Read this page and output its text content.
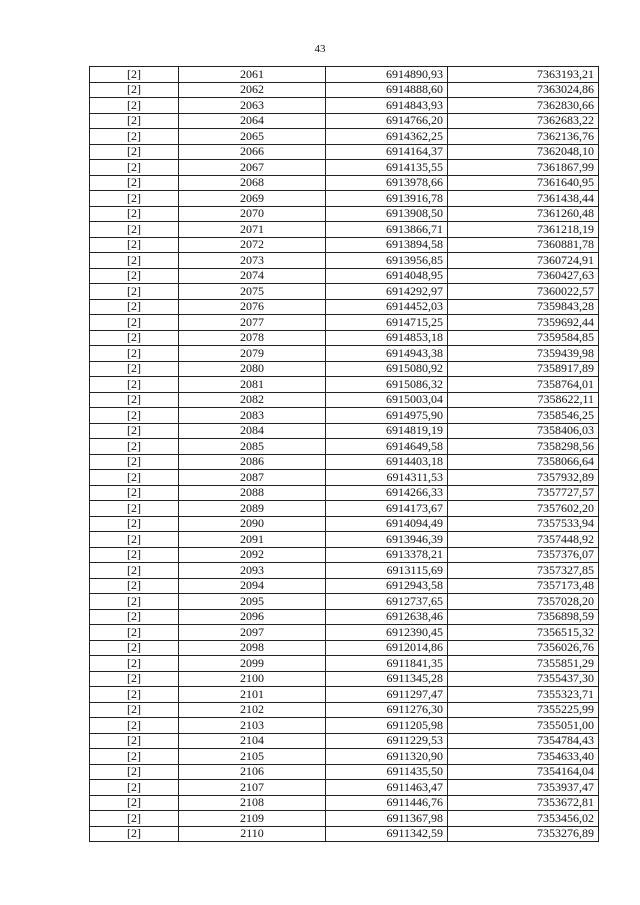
43
[2]	2061	6914890,93	7363193,21
[2]	2062	6914888,60	7363024,86
[2]	2063	6914843,93	7362830,66
[2]	2064	6914766,20	7362683,22
[2]	2065	6914362,25	7362136,76
[2]	2066	6914164,37	7362048,10
[2]	2067	6914135,55	7361867,99
[2]	2068	6913978,66	7361640,95
[2]	2069	6913916,78	7361438,44
[2]	2070	6913908,50	7361260,48
[2]	2071	6913866,71	7361218,19
[2]	2072	6913894,58	7360881,78
[2]	2073	6913956,85	7360724,91
[2]	2074	6914048,95	7360427,63
[2]	2075	6914292,97	7360022,57
[2]	2076	6914452,03	7359843,28
[2]	2077	6914715,25	7359692,44
[2]	2078	6914853,18	7359584,85
[2]	2079	6914943,38	7359439,98
[2]	2080	6915080,92	7358917,89
[2]	2081	6915086,32	7358764,01
[2]	2082	6915003,04	7358622,11
[2]	2083	6914975,90	7358546,25
[2]	2084	6914819,19	7358406,03
[2]	2085	6914649,58	7358298,56
[2]	2086	6914403,18	7358066,64
[2]	2087	6914311,53	7357932,89
[2]	2088	6914266,33	7357727,57
[2]	2089	6914173,67	7357602,20
[2]	2090	6914094,49	7357533,94
[2]	2091	6913946,39	7357448,92
[2]	2092	6913378,21	7357376,07
[2]	2093	6913115,69	7357327,85
[2]	2094	6912943,58	7357173,48
[2]	2095	6912737,65	7357028,20
[2]	2096	6912638,46	7356898,59
[2]	2097	6912390,45	7356515,32
[2]	2098	6912014,86	7356026,76
[2]	2099	6911841,35	7355851,29
[2]	2100	6911345,28	7355437,30
[2]	2101	6911297,47	7355323,71
[2]	2102	6911276,30	7355225,99
[2]	2103	6911205,98	7355051,00
[2]	2104	6911229,53	7354784,43
[2]	2105	6911320,90	7354633,40
[2]	2106	6911435,50	7354164,04
[2]	2107	6911463,47	7353937,47
[2]	2108	6911446,76	7353672,81
[2]	2109	6911367,98	7353456,02
[2]	2110	6911342,59	7353276,89
